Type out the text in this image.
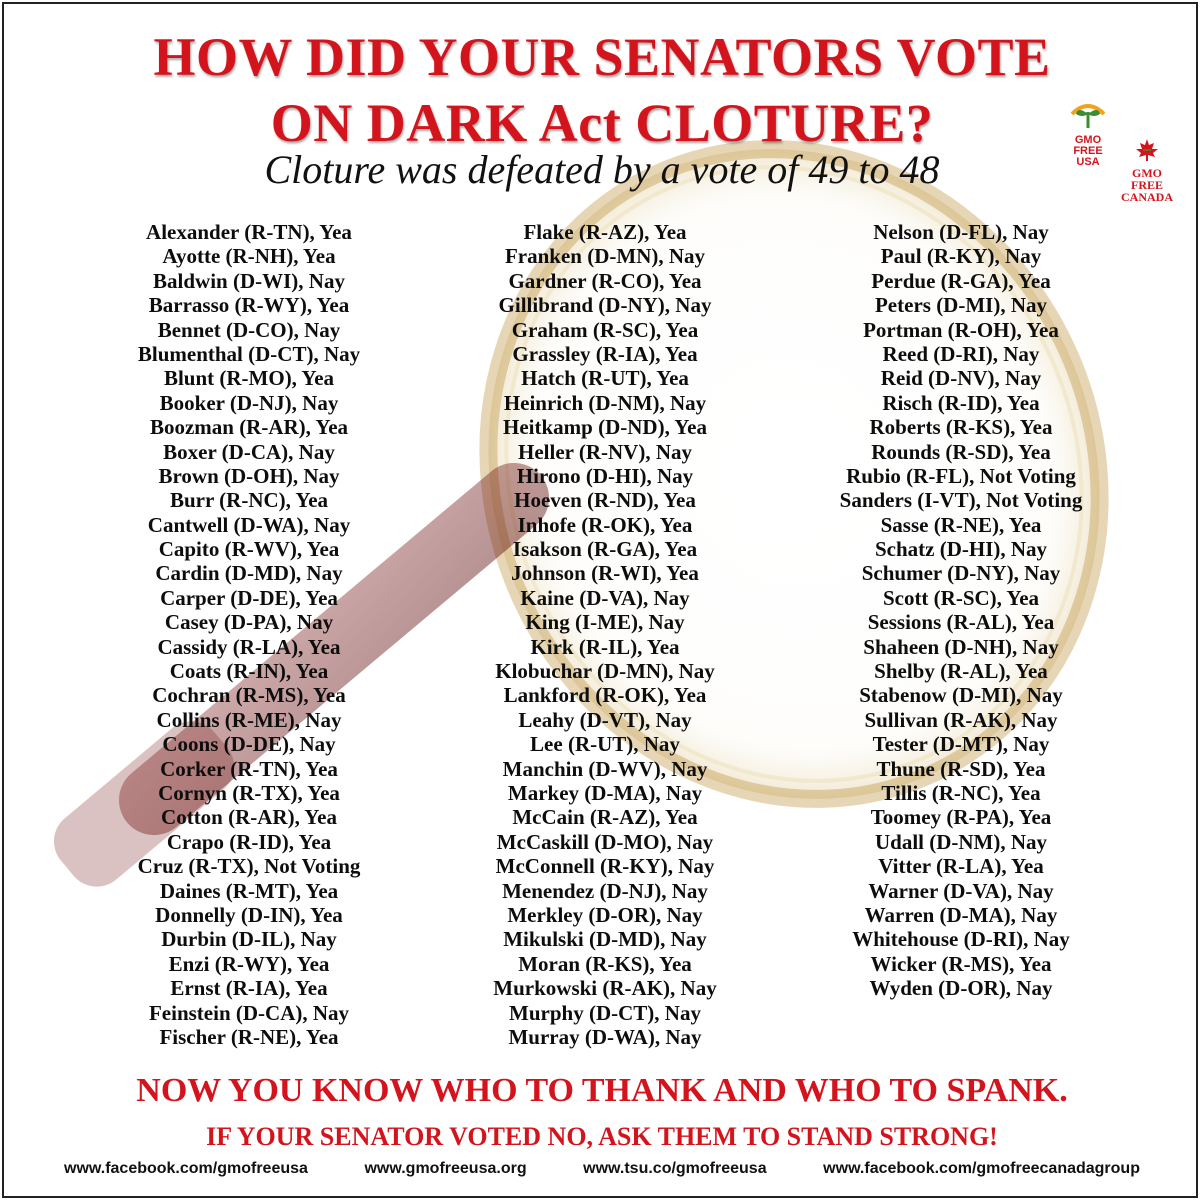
HOW DID YOUR SENATORS VOTE
ON DARK Act CLOTURE?
Cloture was defeated by a vote of 49 to 48
GMO
FREE
USA
GMO
FREE
CANADA
Alexander (R-TN), Yea
Ayotte (R-NH), Yea
Baldwin (D-WI), Nay
Barrasso (R-WY), Yea
Bennet (D-CO), Nay
Blumenthal (D-CT), Nay
Blunt (R-MO), Yea
Booker (D-NJ), Nay
Boozman (R-AR), Yea
Boxer (D-CA), Nay
Brown (D-OH), Nay
Burr (R-NC), Yea
Cantwell (D-WA), Nay
Capito (R-WV), Yea
Cardin (D-MD), Nay
Carper (D-DE), Yea
Casey (D-PA), Nay
Cassidy (R-LA), Yea
Coats (R-IN), Yea
Cochran (R-MS), Yea
Collins (R-ME), Nay
Coons (D-DE), Nay
Corker (R-TN), Yea
Cornyn (R-TX), Yea
Cotton (R-AR), Yea
Crapo (R-ID), Yea
Cruz (R-TX), Not Voting
Daines (R-MT), Yea
Donnelly (D-IN), Yea
Durbin (D-IL), Nay
Enzi (R-WY), Yea
Ernst (R-IA), Yea
Feinstein (D-CA), Nay
Fischer (R-NE), Yea
Flake (R-AZ), Yea
Franken (D-MN), Nay
Gardner (R-CO), Yea
Gillibrand (D-NY), Nay
Graham (R-SC), Yea
Grassley (R-IA), Yea
Hatch (R-UT), Yea
Heinrich (D-NM), Nay
Heitkamp (D-ND), Yea
Heller (R-NV), Nay
Hirono (D-HI), Nay
Hoeven (R-ND), Yea
Inhofe (R-OK), Yea
Isakson (R-GA), Yea
Johnson (R-WI), Yea
Kaine (D-VA), Nay
King (I-ME), Nay
Kirk (R-IL), Yea
Klobuchar (D-MN), Nay
Lankford (R-OK), Yea
Leahy (D-VT), Nay
Lee (R-UT), Nay
Manchin (D-WV), Nay
Markey (D-MA), Nay
McCain (R-AZ), Yea
McCaskill (D-MO), Nay
McConnell (R-KY), Nay
Menendez (D-NJ), Nay
Merkley (D-OR), Nay
Mikulski (D-MD), Nay
Moran (R-KS), Yea
Murkowski (R-AK), Nay
Murphy (D-CT), Nay
Murray (D-WA), Nay
Nelson (D-FL), Nay
Paul (R-KY), Nay
Perdue (R-GA), Yea
Peters (D-MI), Nay
Portman (R-OH), Yea
Reed (D-RI), Nay
Reid (D-NV), Nay
Risch (R-ID), Yea
Roberts (R-KS), Yea
Rounds (R-SD), Yea
Rubio (R-FL), Not Voting
Sanders (I-VT), Not Voting
Sasse (R-NE), Yea
Schatz (D-HI), Nay
Schumer (D-NY), Nay
Scott (R-SC), Yea
Sessions (R-AL), Yea
Shaheen (D-NH), Nay
Shelby (R-AL), Yea
Stabenow (D-MI), Nay
Sullivan (R-AK), Nay
Tester (D-MT), Nay
Thune (R-SD), Yea
Tillis (R-NC), Yea
Toomey (R-PA), Yea
Udall (D-NM), Nay
Vitter (R-LA), Yea
Warner (D-VA), Nay
Warren (D-MA), Nay
Whitehouse (D-RI), Nay
Wicker (R-MS), Yea
Wyden (D-OR), Nay
NOW YOU KNOW WHO TO THANK AND WHO TO SPANK.
IF YOUR SENATOR VOTED NO, ASK THEM TO STAND STRONG!
www.facebook.com/gmofreeusa	www.gmofreeusa.org	www.tsu.co/gmofreeusa	www.facebook.com/gmofreecanadagroup
